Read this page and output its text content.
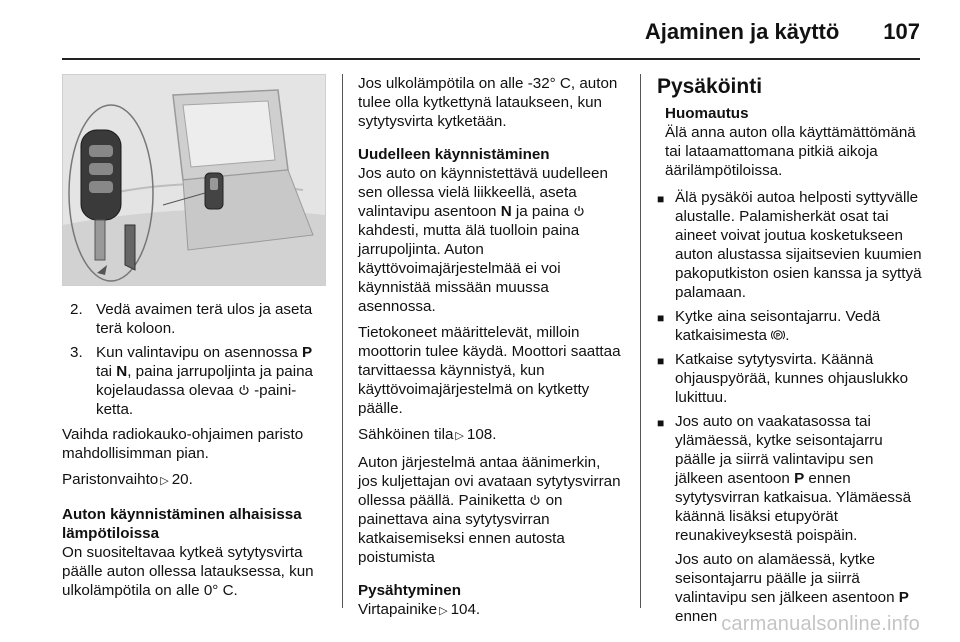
Ajaminen ja käyttö 107
2. Vedä avaimen terä ulos ja aseta terä koloon.
3. Kun valintavipu on asennossa P tai N, paina jarrupoljinta ja paina kojelaudassa olevaa  -paini-ketta.

Vaihda radiokauko-ohjaimen paristo mahdollisimman pian.

Paristonvaihto ▷ 20.

Auton käynnistäminen alhaisissa lämpötiloissa

On suositeltavaa kytkeä sytytysvirta päälle auton ollessa latauksessa, kun ulkolämpötila on alle 0° C.

Jos ulkolämpötila on alle -32° C, auton tulee olla kytkettynä lataukseen, kun sytytysvirta kytketään.

Uudelleen käynnistäminen

Jos auto on käynnistettävä uudelleen sen ollessa vielä liikkeellä, aseta valintavipu asentoon N ja paina  kahdesti, mutta älä tuolloin paina jarrupoljinta. Auton käyttövoimajärjestelmää ei voi käynnistää missään muussa asennossa.

Tietokoneet määrittelevät, milloin moottorin tulee käydä. Moottori saattaa tarvittaessa käynnistyä, kun käyttövoimajärjestelmä on kytketty päälle.

Sähköinen tila ▷ 108.

Auton järjestelmä antaa äänimerkin, jos kuljettajan ovi avataan sytytysvirran ollessa päällä. Painiketta  on painettava aina sytytysvirran katkaisemiseksi ennen autosta poistumista

Pysähtyminen

Virtapainike ▷ 104.

Pysäköinti

Huomautus

Älä anna auton olla käyttämättömänä tai lataamattomana pitkiä aikoja äärilämpötiloissa.

■ Älä pysäköi autoa helposti syttyvälle alustalle. Palamisherkät osat tai aineet voivat joutua kosketukseen auton alustassa sijaitsevien kuumien pakoputkiston osien kanssa ja syttyä palamaan.
■ Kytke aina seisontajarru. Vedä katkaisimesta P .
■ Katkaise sytytysvirta. Käännä ohjauspyörää, kunnes ohjauslukko lukittuu.
■ Jos auto on vaakatasossa tai ylämäessä, kytke seisontajarru päälle ja siirrä valintavipu sen jälkeen asentoon P ennen sytytysvirran katkaisua. Ylämäessä käännä lisäksi etupyörät reunakiveyksestä poispäin.

Jos auto on alamäessä, kytke seisontajarru päälle ja siirrä valintavipu sen jälkeen asentoon P ennen carmanualsonline.info
